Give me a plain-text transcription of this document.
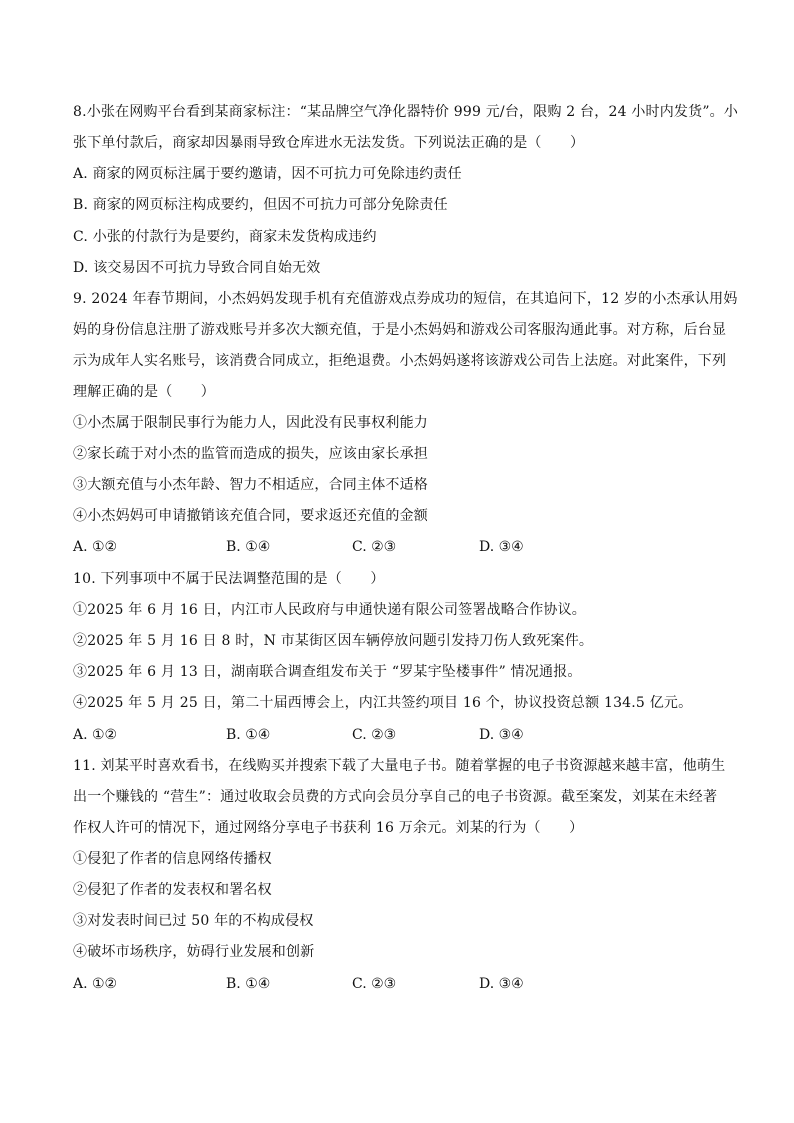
8.小张在网购平台看到某商家标注：“某品牌空气净化器特价 999 元/台，限购 2 台，24 小时内发货”。小
张下单付款后，商家却因暴雨导致仓库进水无法发货。下列说法正确的是（　　）
A. 商家的网页标注属于要约邀请，因不可抗力可免除违约责任
B. 商家的网页标注构成要约，但因不可抗力可部分免除责任
C. 小张的付款行为是要约，商家未发货构成违约
D. 该交易因不可抗力导致合同自始无效
9. 2024 年春节期间，小杰妈妈发现手机有充值游戏点券成功的短信，在其追问下，12 岁的小杰承认用妈
妈的身份信息注册了游戏账号并多次大额充值，于是小杰妈妈和游戏公司客服沟通此事。对方称，后台显
示为成年人实名账号，该消费合同成立，拒绝退费。小杰妈妈遂将该游戏公司告上法庭。对此案件，下列
理解正确的是（　　）
①小杰属于限制民事行为能力人，因此没有民事权利能力
②家长疏于对小杰的监管而造成的损失，应该由家长承担
③大额充值与小杰年龄、智力不相适应，合同主体不适格
④小杰妈妈可申请撤销该充值合同，要求返还充值的金额
A. ①②	B. ①④	C. ②③	D. ③④
10. 下列事项中不属于民法调整范围的是（　　）
①2025 年 6 月 16 日，内江市人民政府与申通快递有限公司签署战略合作协议。
②2025 年 5 月 16 日 8 时，N 市某街区因车辆停放问题引发持刀伤人致死案件。
③2025 年 6 月 13 日，湖南联合调查组发布关于 “罗某宇坠楼事件” 情况通报。
④2025 年 5 月 25 日，第二十届西博会上，内江共签约项目 16 个，协议投资总额 134.5 亿元。
A. ①②	B. ①④	C. ②③	D. ③④
11. 刘某平时喜欢看书，在线购买并搜索下载了大量电子书。随着掌握的电子书资源越来越丰富，他萌生
出一个赚钱的 “营生”：通过收取会员费的方式向会员分享自己的电子书资源。截至案发，刘某在未经著
作权人许可的情况下，通过网络分享电子书获利 16 万余元。刘某的行为（　　）
①侵犯了作者的信息网络传播权
②侵犯了作者的发表权和署名权
③对发表时间已过 50 年的不构成侵权
④破坏市场秩序，妨碍行业发展和创新
A. ①②	B. ①④	C. ②③	D. ③④
